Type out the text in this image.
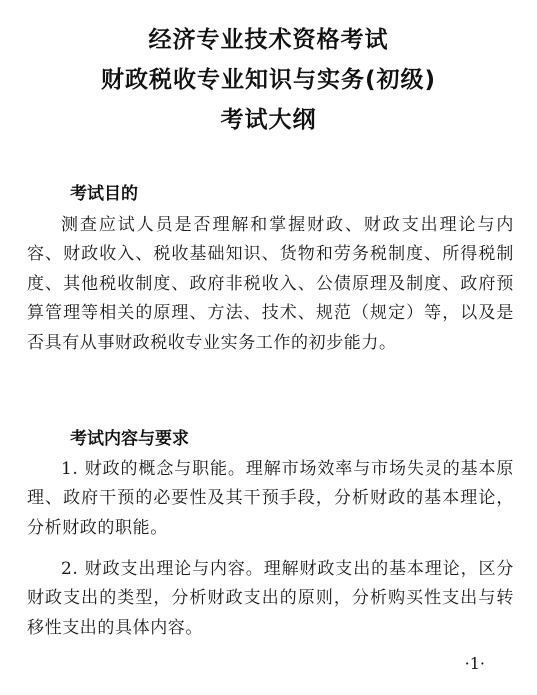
经济专业技术资格考试
财政税收专业知识与实务(初级)
考试大纲
考试目的
测查应试人员是否理解和掌握财政、财政支出理论与内容、财政收入、税收基础知识、货物和劳务税制度、所得税制度、其他税收制度、政府非税收入、公债原理及制度、政府预算管理等相关的原理、方法、技术、规范（规定）等，以及是否具有从事财政税收专业实务工作的初步能力。
考试内容与要求
1. 财政的概念与职能。理解市场效率与市场失灵的基本原理、政府干预的必要性及其干预手段，分析财政的基本理论，分析财政的职能。
2. 财政支出理论与内容。理解财政支出的基本理论，区分财政支出的类型，分析财政支出的原则，分析购买性支出与转移性支出的具体内容。
·1·
